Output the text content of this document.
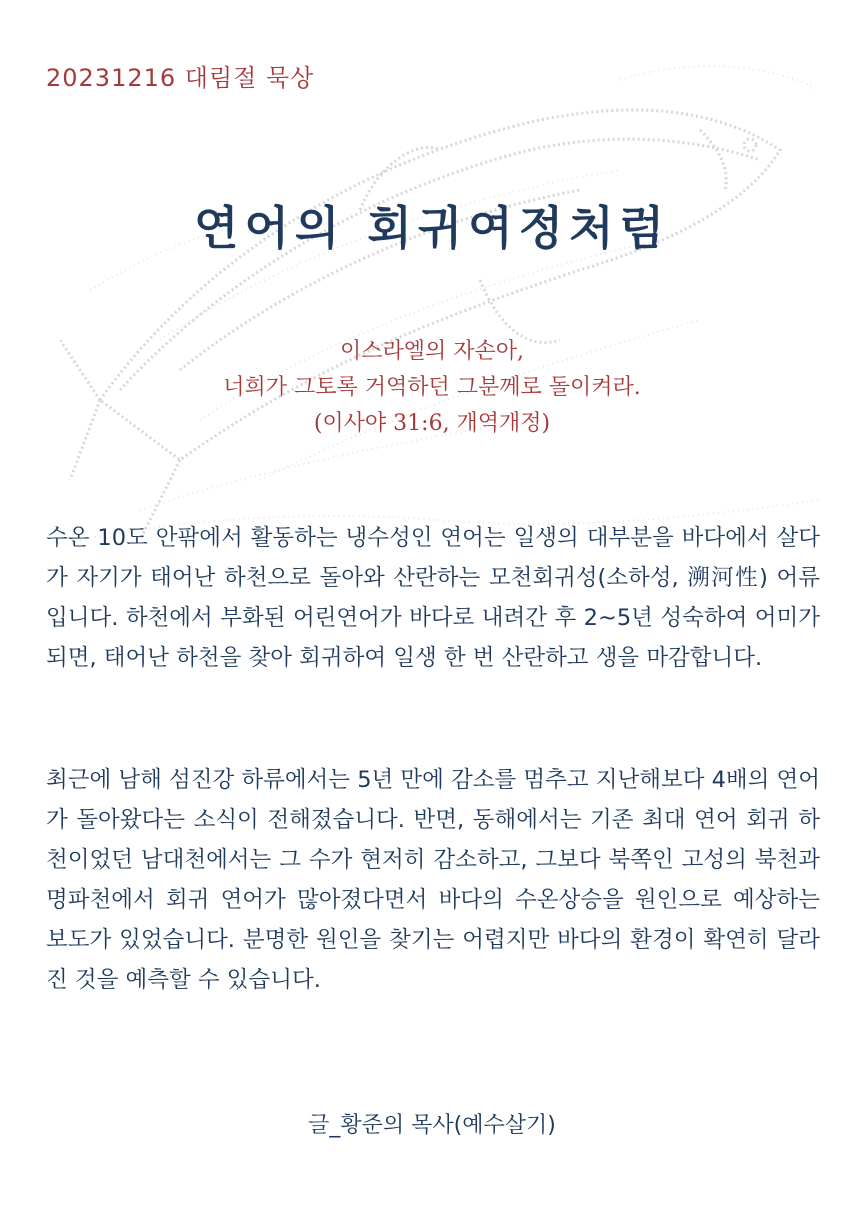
20231216 대림절 묵상
연어의 회귀여정처럼
이스라엘의 자손아,
너희가 그토록 거역하던 그분께로 돌이켜라.
(이사야 31:6, 개역개정)
수온 10도 안팎에서 활동하는 냉수성인 연어는 일생의 대부분을 바다에서 살다가 자기가 태어난 하천으로 돌아와 산란하는 모천회귀성(소하성, 溯河性) 어류입니다. 하천에서 부화된 어린연어가 바다로 내려간 후 2~5년 성숙하여 어미가 되면, 태어난 하천을 찾아 회귀하여 일생 한 번 산란하고 생을 마감합니다.
최근에 남해 섬진강 하류에서는 5년 만에 감소를 멈추고 지난해보다 4배의 연어가 돌아왔다는 소식이 전해졌습니다. 반면, 동해에서는 기존 최대 연어 회귀 하천이었던 남대천에서는 그 수가 현저히 감소하고, 그보다 북쪽인 고성의 북천과 명파천에서 회귀 연어가 많아졌다면서 바다의 수온상승을 원인으로 예상하는 보도가 있었습니다. 분명한 원인을 찾기는 어렵지만 바다의 환경이 확연히 달라진 것을 예측할 수 있습니다.
글_황준의 목사(예수살기)
